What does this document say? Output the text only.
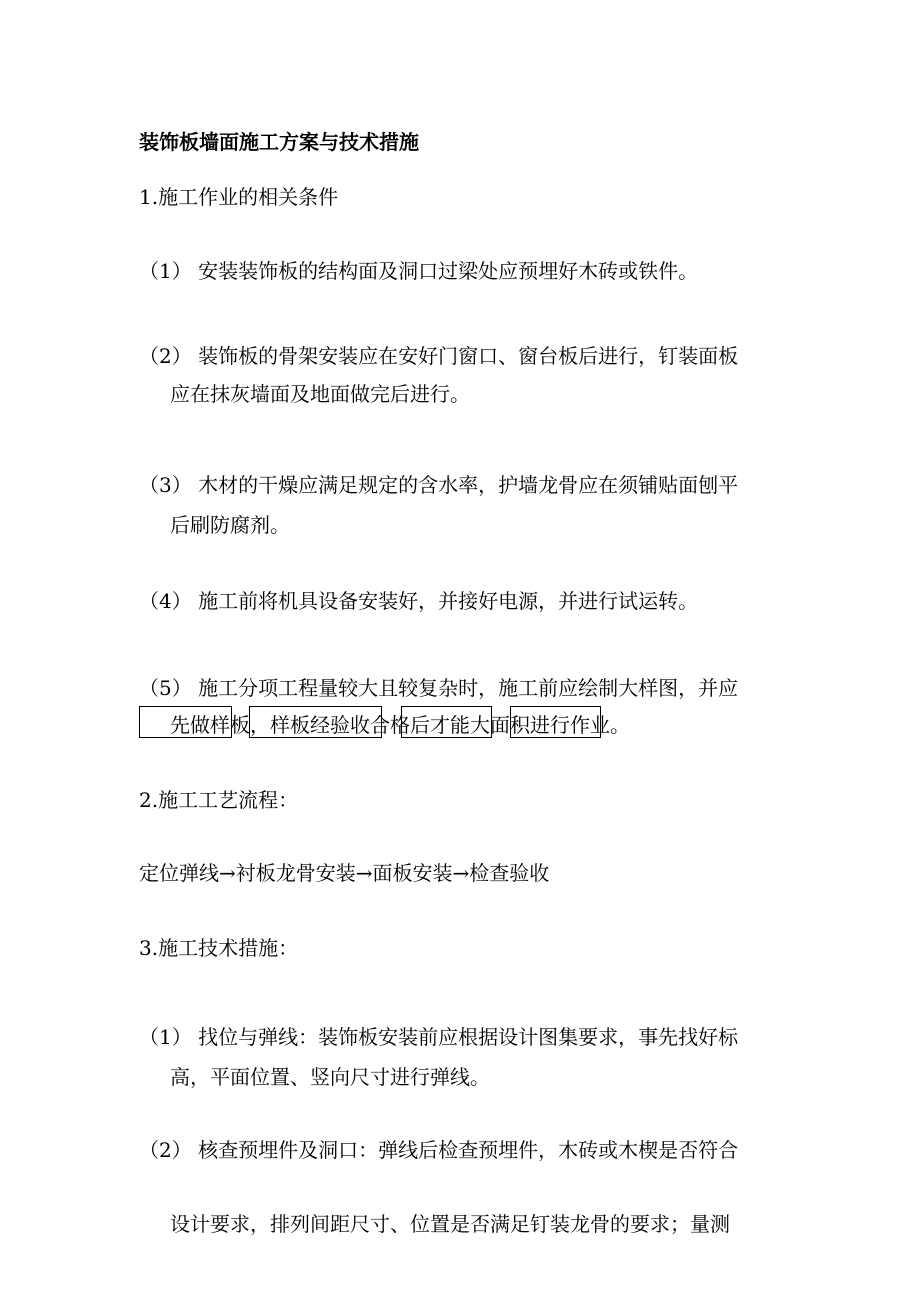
装饰板墙面施工方案与技术措施
1.施工作业的相关条件
（1） 安装装饰板的结构面及洞口过梁处应预埋好木砖或铁件。
（2） 装饰板的骨架安装应在安好门窗口、窗台板后进行，钉装面板
应在抹灰墙面及地面做完后进行。
（3） 木材的干燥应满足规定的含水率，护墙龙骨应在须铺贴面刨平
后刷防腐剂。
（4） 施工前将机具设备安装好，并接好电源，并进行试运转。
（5） 施工分项工程量较大且较复杂时，施工前应绘制大样图，并应
先做样板，样板经验收合格后才能大面积进行作业。
2.施工工艺流程：
定位弹线→衬板龙骨安装→面板安装→检查验收
3.施工技术措施：
（1） 找位与弹线：装饰板安装前应根据设计图集要求，事先找好标
高，平面位置、竖向尺寸进行弹线。
（2） 核查预埋件及洞口：弹线后检查预埋件，木砖或木楔是否符合
设计要求，排列间距尺寸、位置是否满足钉装龙骨的要求；量测
